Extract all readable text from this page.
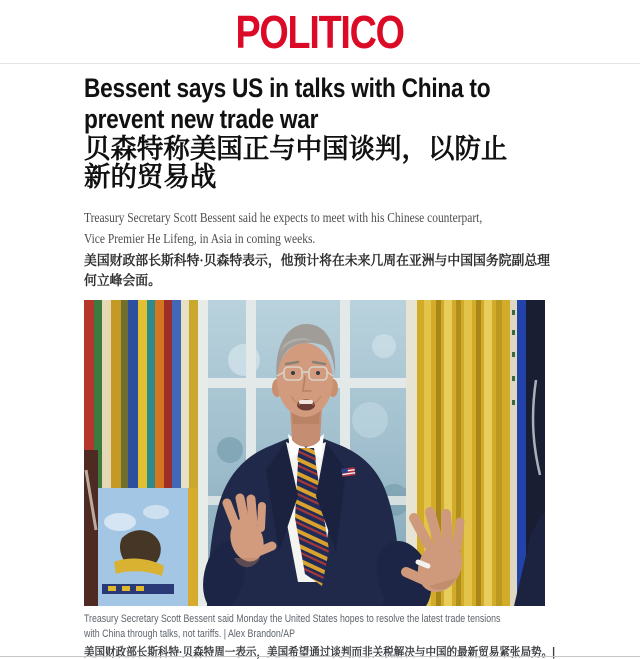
POLITICO
Bessent says US in talks with China to
prevent new trade war
贝森特称美国正与中国谈判，以防止
新的贸易战
Treasury Secretary Scott Bessent said he expects to meet with his Chinese counterpart,
Vice Premier He Lifeng, in Asia in coming weeks.
美国财政部长斯科特·贝森特表示，他预计将在未来几周在亚洲与中国国务院副总理
何立峰会面。
Treasury Secretary Scott Bessent said Monday the United States hopes to resolve the latest trade tensions
with China through talks, not tariffs. | Alex Brandon/AP
美国财政部长斯科特·贝森特周一表示，美国希望通过谈判而非关税解决与中国的最新贸易紧张局势。|
